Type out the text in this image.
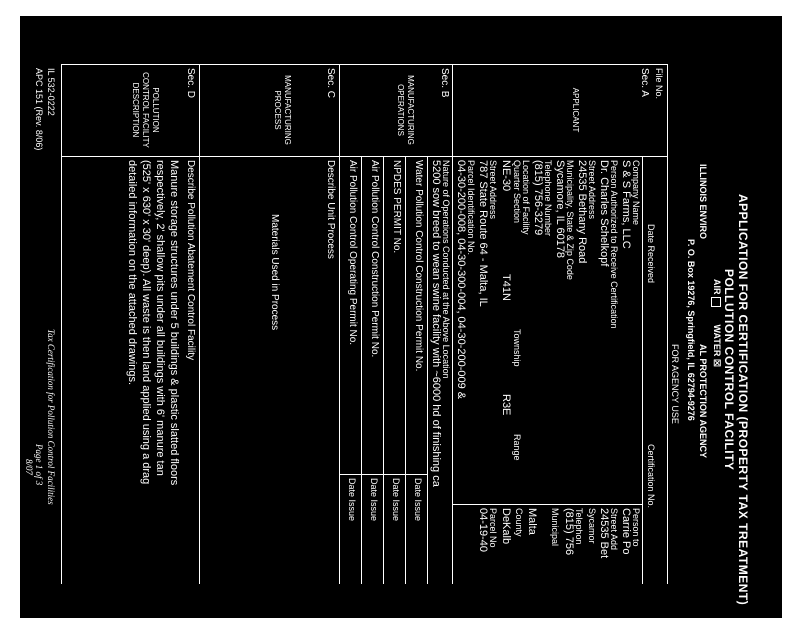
APPLICATION FOR CERTIFICATION (PROPERTY TAX TREATMENT)
POLLUTION CONTROL FACILITY
AIR        WATER ☒
ILLINOIS ENVIRO
AL PROTECTION AGENCY
P. O. Box 19276, Springfield, IL 62794-9276
FOR AGENCY USE
File No.
Date Received
Certification No.
Sec. A
APPLICANT
Company Name
S & S Farms, LLC
Person Authorized to Receive Certification
Dr. Charles Schelkopf
Street Address
24535 Bethany Road
Municipality, State & Zip Code
Sycamore, IL 60178
Telephone Number
(815) 756-3279
Location of Facility
Quarter Section
Township
Range
NE-30
T41N
R3E
Street Address
787 State Route 64 - Malta, IL
Parcel Identification No.
04-30-200-008, 04-30-300-004, 04-30-200-009 &
Person to
Carrie Po
Street Add
24535 Bet
Sycamor
Telephon
(815) 756
Municipal
Malta
County
DeKalb
Parcel No
04-19-40
Sec. B
MANUFACTURING OPERATIONS
Nature of Operations Conducted at the Above Location
5200 sow breed to wean swine facility with ~6000 hd of finishing ca
Water Pollution Control Construction Permit No.
Date Issue
NPDES PERMIT No.
Date Issue
Air Pollution Control Construction Permit No.
Date Issue
Air Pollution Control Operating Permit No.
Date Issue
Sec. C
MANUFACTURING PROCESS
Describe Unit Process
Materials Used in Process
Sec. D
POLLUTION CONTROL FACILITY DESCRIPTION
Describe Pollution Abatement Control Facility
Manure storage structures under 5 buildings & plastic slatted floors
respectively, 2' shallow pits under all buildings with 6' manure tan
(525' x 630' x 30' deep). All waste is then land applied using a drag
detailed information on the attached drawings.
IL 532-0222
APC 151 (Rev. 8/06)
Tax Certification for Pollution Control Facilities
Page 1 of 3
8/07
